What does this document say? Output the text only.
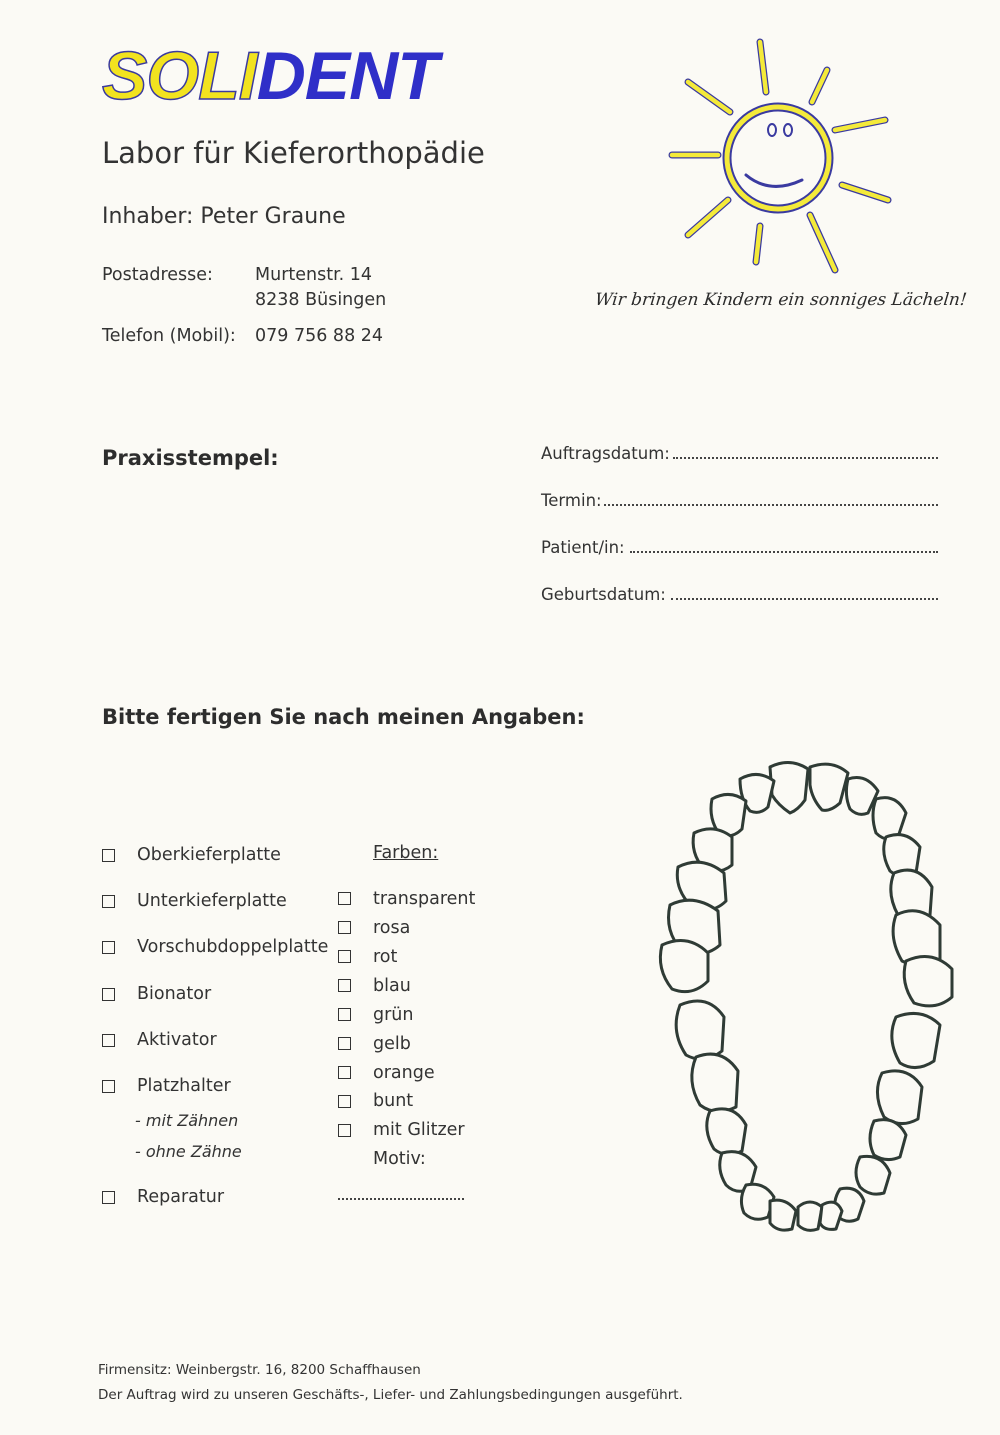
SOLIDENT
Labor für Kieferorthopädie
Inhaber: Peter Graune
Postadresse: Murtenstr. 14
8238 Büsingen
Telefon (Mobil): 079 756 88 24
Wir bringen Kindern ein sonniges Lächeln!
Praxisstempel:	Auftragsdatum:
Termin:
Patient/in:
Geburtsdatum:
Bitte fertigen Sie nach meinen Angaben:
Oberkieferplatte
Unterkieferplatte
Vorschubdoppelplatte
Bionator
Aktivator
Platzhalter
- mit Zähnen
- ohne Zähne
Reparatur
Farben:
transparent
rosa
rot
blau
grün
gelb
orange
bunt
mit Glitzer
Motiv:
Firmensitz: Weinbergstr. 16, 8200 Schaffhausen
Der Auftrag wird zu unseren Geschäfts-, Liefer- und Zahlungsbedingungen ausgeführt.
